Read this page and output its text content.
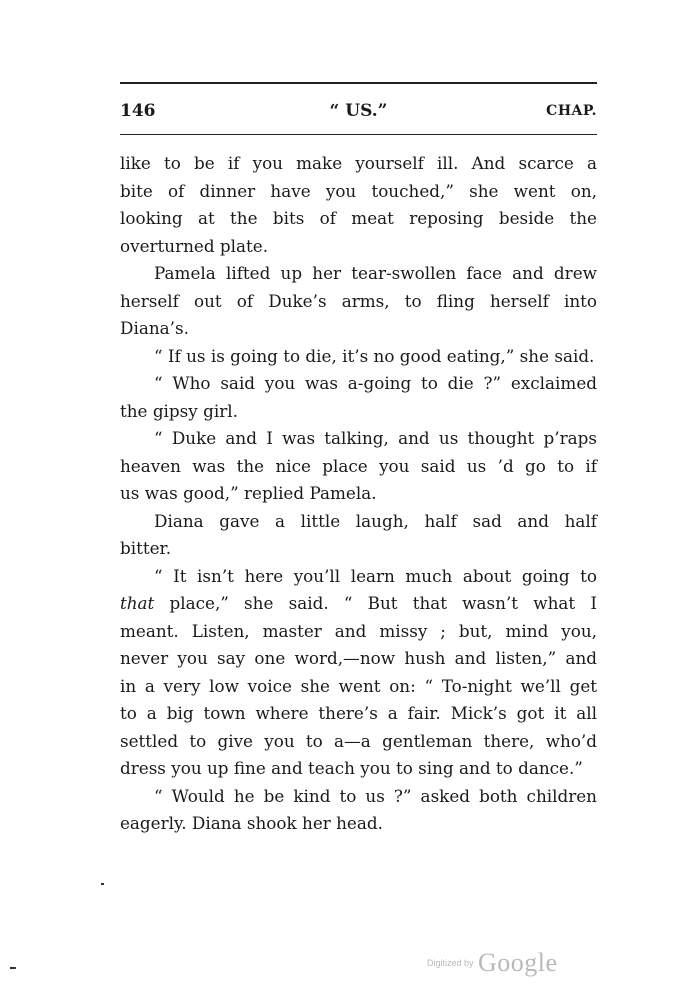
146	“ US.”	CHAP.
like to be if you make yourself ill. And scarce a
bite of dinner have you touched,” she went on,
looking at the bits of meat reposing beside the
overturned plate.
Pamela lifted up her tear-swollen face and drew
herself out of Duke’s arms, to fling herself into
Diana’s.
“ If us is going to die, it’s no good eating,” she said.
“ Who said you was a-going to die ?” exclaimed
the gipsy girl.
“ Duke and I was talking, and us thought p’raps
heaven was the nice place you said us ’d go to if
us was good,” replied Pamela.
Diana gave a little laugh, half sad and half
bitter.
“ It isn’t here you’ll learn much about going to
that place,” she said. “ But that wasn’t what I
meant. Listen, master and missy ; but, mind you,
never you say one word,—now hush and listen,” and
in a very low voice she went on: “ To-night we’ll get
to a big town where there’s a fair. Mick’s got it all
settled to give you to a—a gentleman there, who’d
dress you up fine and teach you to sing and to dance.”
“ Would he be kind to us ?” asked both children
eagerly. Diana shook her head.
Digitized by Google
